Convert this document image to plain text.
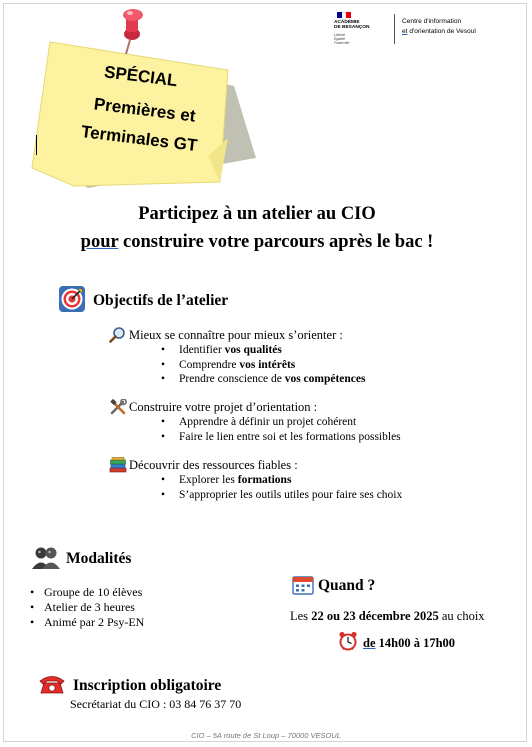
SPÉCIAL
Premières et
Terminales GT
ACADÉMIE
DE BESANÇON
Liberté
Égalité
Fraternité
Centre d'information
et d'orientation de Vesoul
Participez à un atelier au CIO
pour construire votre parcours après le bac !
Objectifs de l’atelier
Mieux se connaître pour mieux s’orienter :
• Identifier vos qualités
• Comprendre vos intérêts
• Prendre conscience de vos compétences
Construire votre projet d’orientation :
• Apprendre à définir un projet cohérent
• Faire le lien entre soi et les formations possibles
Découvrir des ressources fiables :
• Explorer les formations
• S’approprier les outils utiles pour faire ses choix
Modalités
• Groupe de 10 élèves
• Atelier de 3 heures
• Animé par 2 Psy-EN
Quand ?
Les 22 ou 23 décembre 2025 au choix
de 14h00 à 17h00
Inscription obligatoire
Secrétariat du CIO : 03 84 76 37 70
CIO – 5A route de St Loup – 70000 VESOUL
